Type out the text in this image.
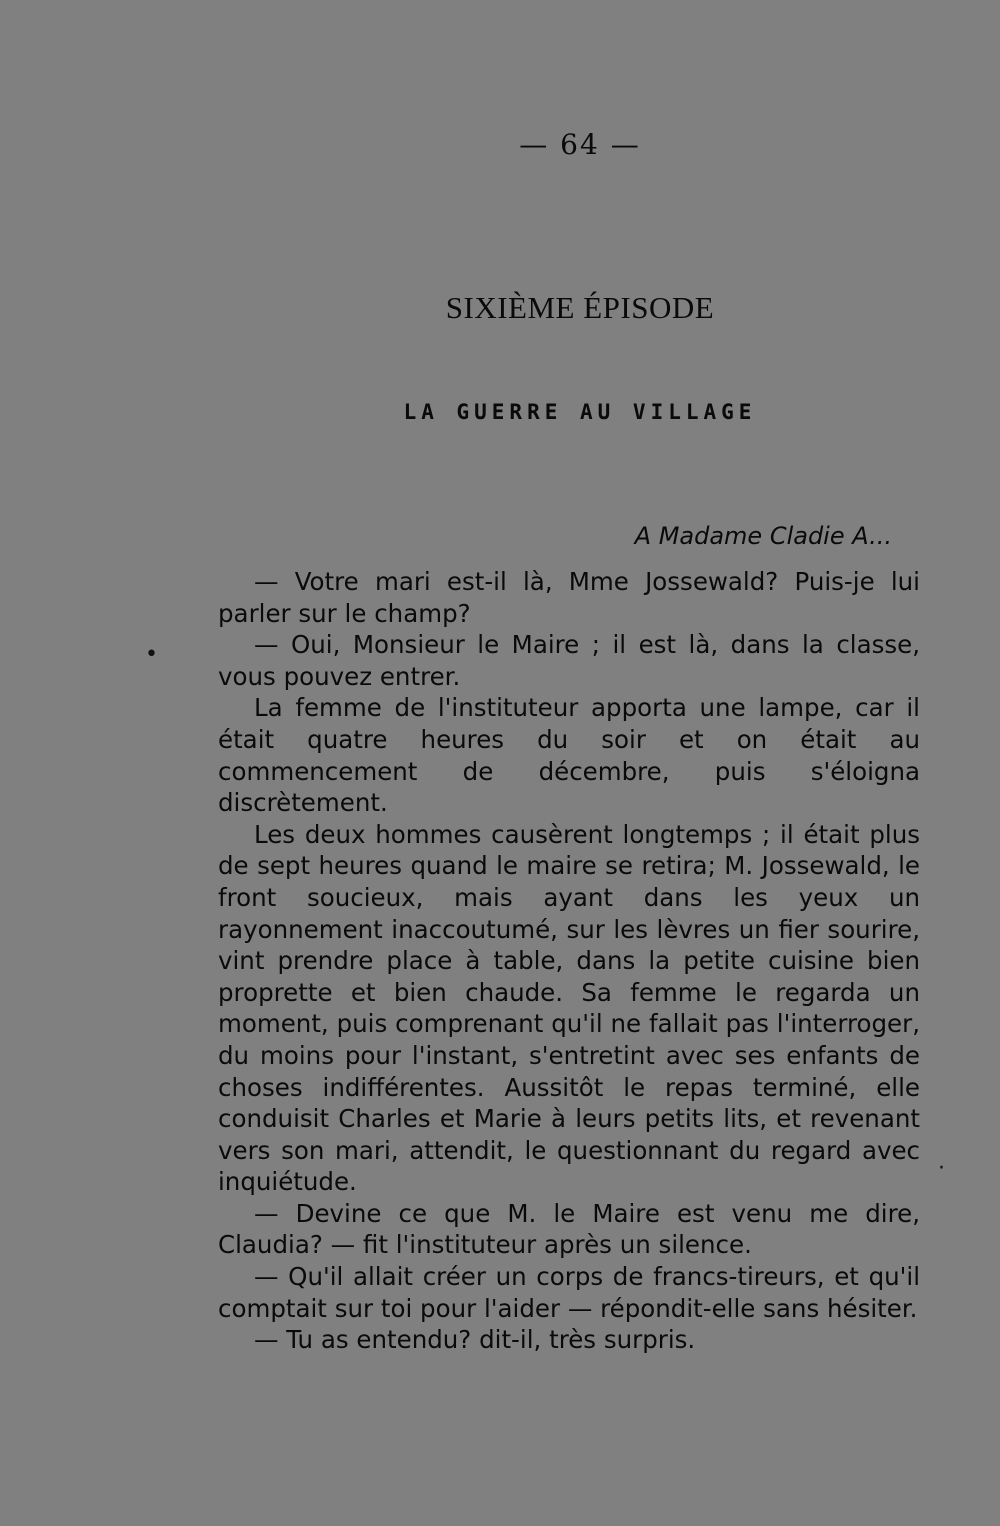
— 64 —
SIXIÈME ÉPISODE
LA GUERRE AU VILLAGE
A Madame Cladie A...

— Votre mari est-il là, Mme Jossewald? Puis-je lui parler sur le champ?

— Oui, Monsieur le Maire ; il est là, dans la classe, vous pouvez entrer.

La femme de l'instituteur apporta une lampe, car il était quatre heures du soir et on était au commencement de décembre, puis s'éloigna discrètement.

Les deux hommes causèrent longtemps ; il était plus de sept heures quand le maire se retira; M. Jossewald, le front soucieux, mais ayant dans les yeux un rayonnement inaccoutumé, sur les lèvres un fier sourire, vint prendre place à table, dans la petite cuisine bien proprette et bien chaude. Sa femme le regarda un moment, puis comprenant qu'il ne fallait pas l'interroger, du moins pour l'instant, s'entretint avec ses enfants de choses indifférentes. Aussitôt le repas terminé, elle conduisit Charles et Marie à leurs petits lits, et revenant vers son mari, attendit, le questionnant du regard avec inquiétude.

— Devine ce que M. le Maire est venu me dire, Claudia? — fit l'instituteur après un silence.

— Qu'il allait créer un corps de francs-tireurs, et qu'il comptait sur toi pour l'aider — répondit-elle sans hésiter.

— Tu as entendu? dit-il, très surpris.

•
·
